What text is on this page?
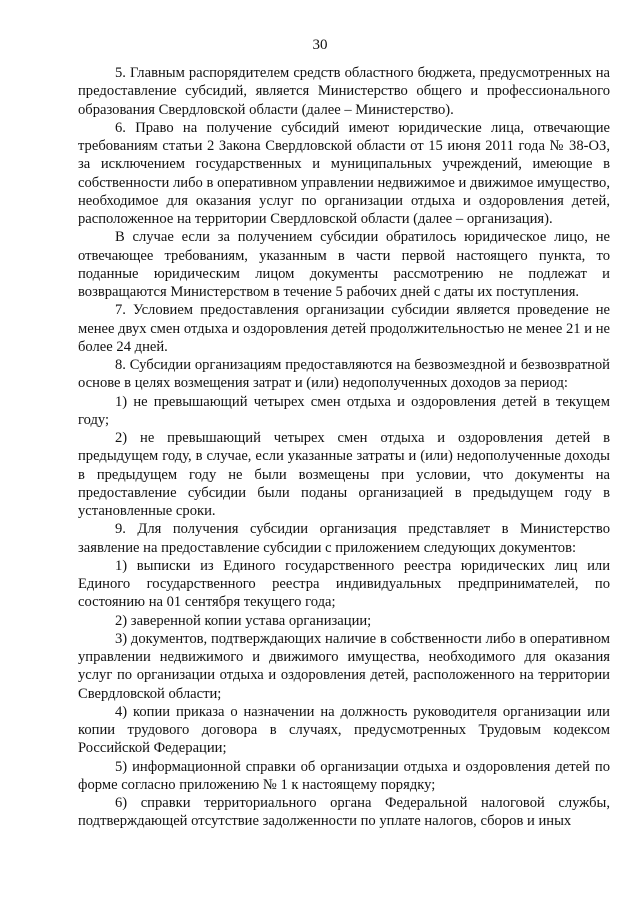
30

5. Главным распорядителем средств областного бюджета, предусмотренных на предоставление субсидий, является Министерство общего и профессионального образования Свердловской области (далее – Министерство).

6. Право на получение субсидий имеют юридические лица, отвечающие требованиям статьи 2 Закона Свердловской области от 15 июня 2011 года № 38-ОЗ, за исключением государственных и муниципальных учреждений, имеющие в собственности либо в оперативном управлении недвижимое и движимое имущество, необходимое для оказания услуг по организации отдыха и оздоровления детей, расположенное на территории Свердловской области (далее – организация).

В случае если за получением субсидии обратилось юридическое лицо, не отвечающее требованиям, указанным в части первой настоящего пункта, то поданные юридическим лицом документы рассмотрению не подлежат и возвращаются Министерством в течение 5 рабочих дней с даты их поступления.

7. Условием предоставления организации субсидии является проведение не менее двух смен отдыха и оздоровления детей продолжительностью не менее 21 и не более 24 дней.

8. Субсидии организациям предоставляются на безвозмездной и безвозвратной основе в целях возмещения затрат и (или) недополученных доходов за период:

1) не превышающий четырех смен отдыха и оздоровления детей в текущем году;

2) не превышающий четырех смен отдыха и оздоровления детей в предыдущем году, в случае, если указанные затраты и (или) недополученные доходы в предыдущем году не были возмещены при условии, что документы на предоставление субсидии были поданы организацией в предыдущем году в установленные сроки.

9. Для получения субсидии организация представляет в Министерство заявление на предоставление субсидии с приложением следующих документов:

1) выписки из Единого государственного реестра юридических лиц или Единого государственного реестра индивидуальных предпринимателей, по состоянию на 01 сентября текущего года;

2) заверенной копии устава организации;

3) документов, подтверждающих наличие в собственности либо в оперативном управлении недвижимого и движимого имущества, необходимого для оказания услуг по организации отдыха и оздоровления детей, расположенного на территории Свердловской области;

4) копии приказа о назначении на должность руководителя организации или копии трудового договора в случаях, предусмотренных Трудовым кодексом Российской Федерации;

5) информационной справки об организации отдыха и оздоровления детей по форме согласно приложению № 1 к настоящему порядку;

6) справки территориального органа Федеральной налоговой службы, подтверждающей отсутствие задолженности по уплате налогов, сборов и иных
